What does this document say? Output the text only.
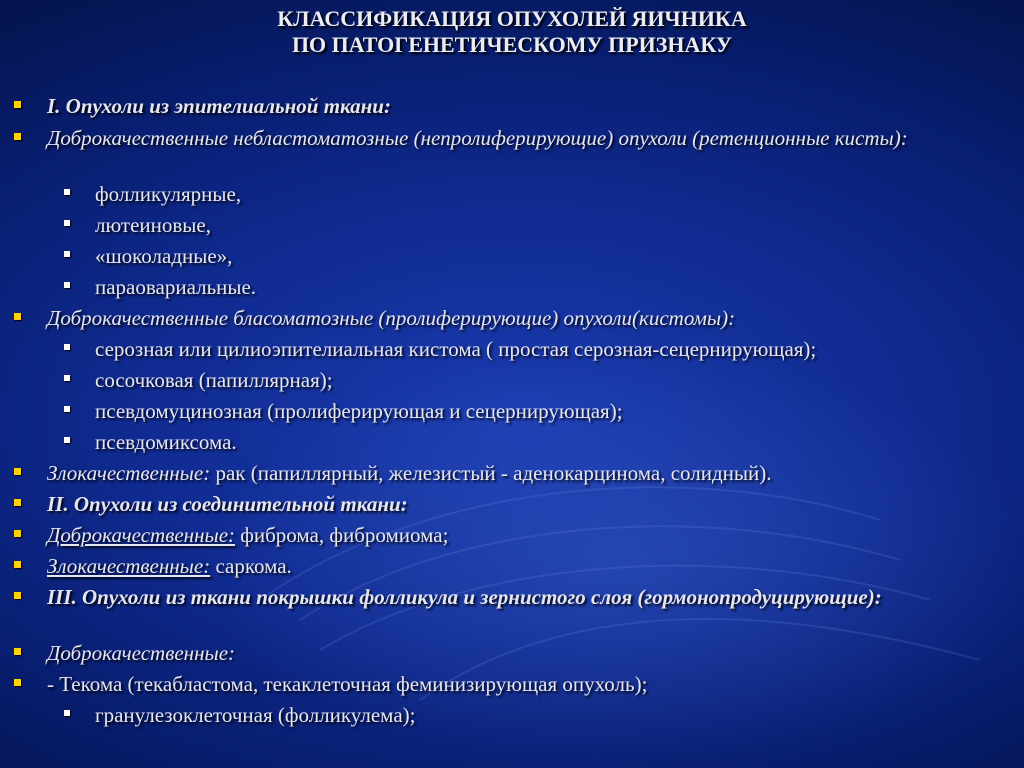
КЛАССИФИКАЦИЯ ОПУХОЛЕЙ ЯИЧНИКА
ПО ПАТОГЕНЕТИЧЕСКОМУ ПРИЗНАКУ
I. Опухоли из эпителиальной ткани:
Доброкачественные небластоматозные (непролиферирующие) опухоли (ретенционные кисты):
фолликулярные,
лютеиновые,
«шоколадные»,
параовариальные.
Доброкачественные бласоматозные (пролиферирующие) опухоли(кистомы):
серозная или цилиоэпителиальная кистома ( простая серозная-сецернирующая);
сосочковая (папиллярная);
псевдомуцинозная (пролиферирующая и сецернирующая);
псевдомиксома.
Злокачественные: рак (папиллярный, железистый - аденокарцинома, солидный).
II. Опухоли из соединительной ткани:
Доброкачественные: фиброма, фибромиома;
Злокачественные: саркома.
III. Опухоли из ткани покрышки фолликула и зернистого слоя (гормонопродуцирующие):
Доброкачественные:
- Текома (текабластома, текаклеточная феминизирующая опухоль);
гранулезоклеточная (фолликулема);
